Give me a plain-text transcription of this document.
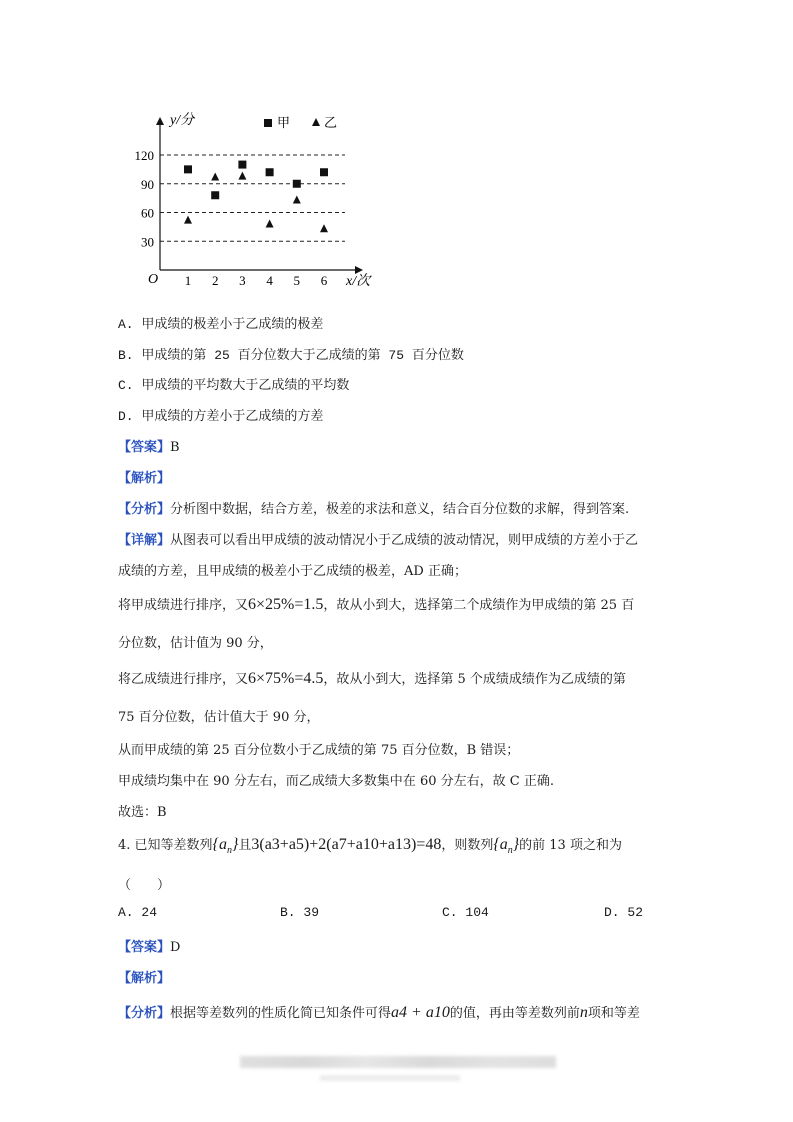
y/分
O	x/次
甲	乙
30
60
90
120
1 2 3 4 5 6
A. 甲成绩的极差小于乙成绩的极差
B. 甲成绩的第 25 百分位数大于乙成绩的第 75 百分位数
C. 甲成绩的平均数大于乙成绩的平均数
D. 甲成绩的方差小于乙成绩的方差
【答案】B
【解析】
【分析】分析图中数据，结合方差，极差的求法和意义，结合百分位数的求解，得到答案.
【详解】从图表可以看出甲成绩的波动情况小于乙成绩的波动情况，则甲成绩的方差小于乙
成绩的方差，且甲成绩的极差小于乙成绩的极差，AD 正确；
将甲成绩进行排序，又6×25%=1.5，故从小到大，选择第二个成绩作为甲成绩的第 25 百
分位数，估计值为 90 分，
将乙成绩进行排序，又6×75%=4.5，故从小到大，选择第 5 个成绩成绩作为乙成绩的第
75 百分位数，估计值大于 90 分，
从而甲成绩的第 25 百分位数小于乙成绩的第 75 百分位数，B 错误；
甲成绩均集中在 90 分左右，而乙成绩大多数集中在 60 分左右，故 C 正确.
故选：B
4. 已知等差数列$\{a_n\}$且3(a3+a5)+2(a7+a10+a13)=48，则数列$\{a_n\}$的前 13 项之和为
（　　）
A. 24	B. 39	C. 104	D. 52
【答案】D
【解析】
【分析】根据等差数列的性质化简已知条件可得a4 + a10的值，再由等差数列前n项和等差
